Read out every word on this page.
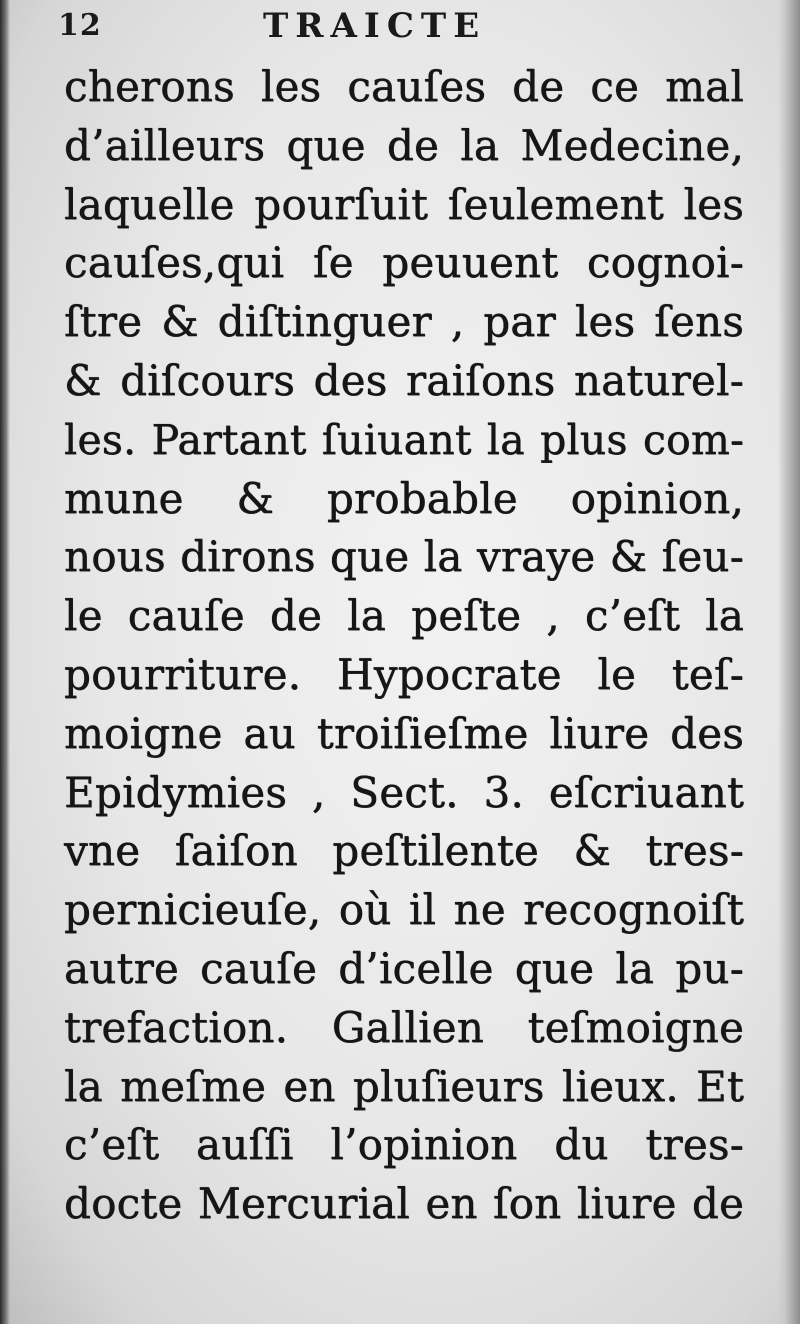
12	TRAICTE
cherons les cauſes de ce mal
d’ailleurs que de la Medecine,
laquelle pourſuit ſeulement les
cauſes,qui ſe peuuent cognoi-
ſtre & diſtinguer , par les ſens
& diſcours des raiſons naturel-
les. Partant ſuiuant la plus com-
mune & probable opinion,
nous dirons que la vraye & ſeu-
le cauſe de la peſte , c’eſt la
pourriture. Hypocrate le teſ-
moigne au troiſieſme liure des
Epidymies , Sect. 3. eſcriuant
vne ſaiſon peſtilente & tres-
pernicieuſe, où il ne recognoiſt
autre cauſe d’icelle que la pu-
trefaction. Gallien teſmoigne
la meſme en pluſieurs lieux. Et
c’eſt auſſi l’opinion du tres-
docte Mercurial en ſon liure de
